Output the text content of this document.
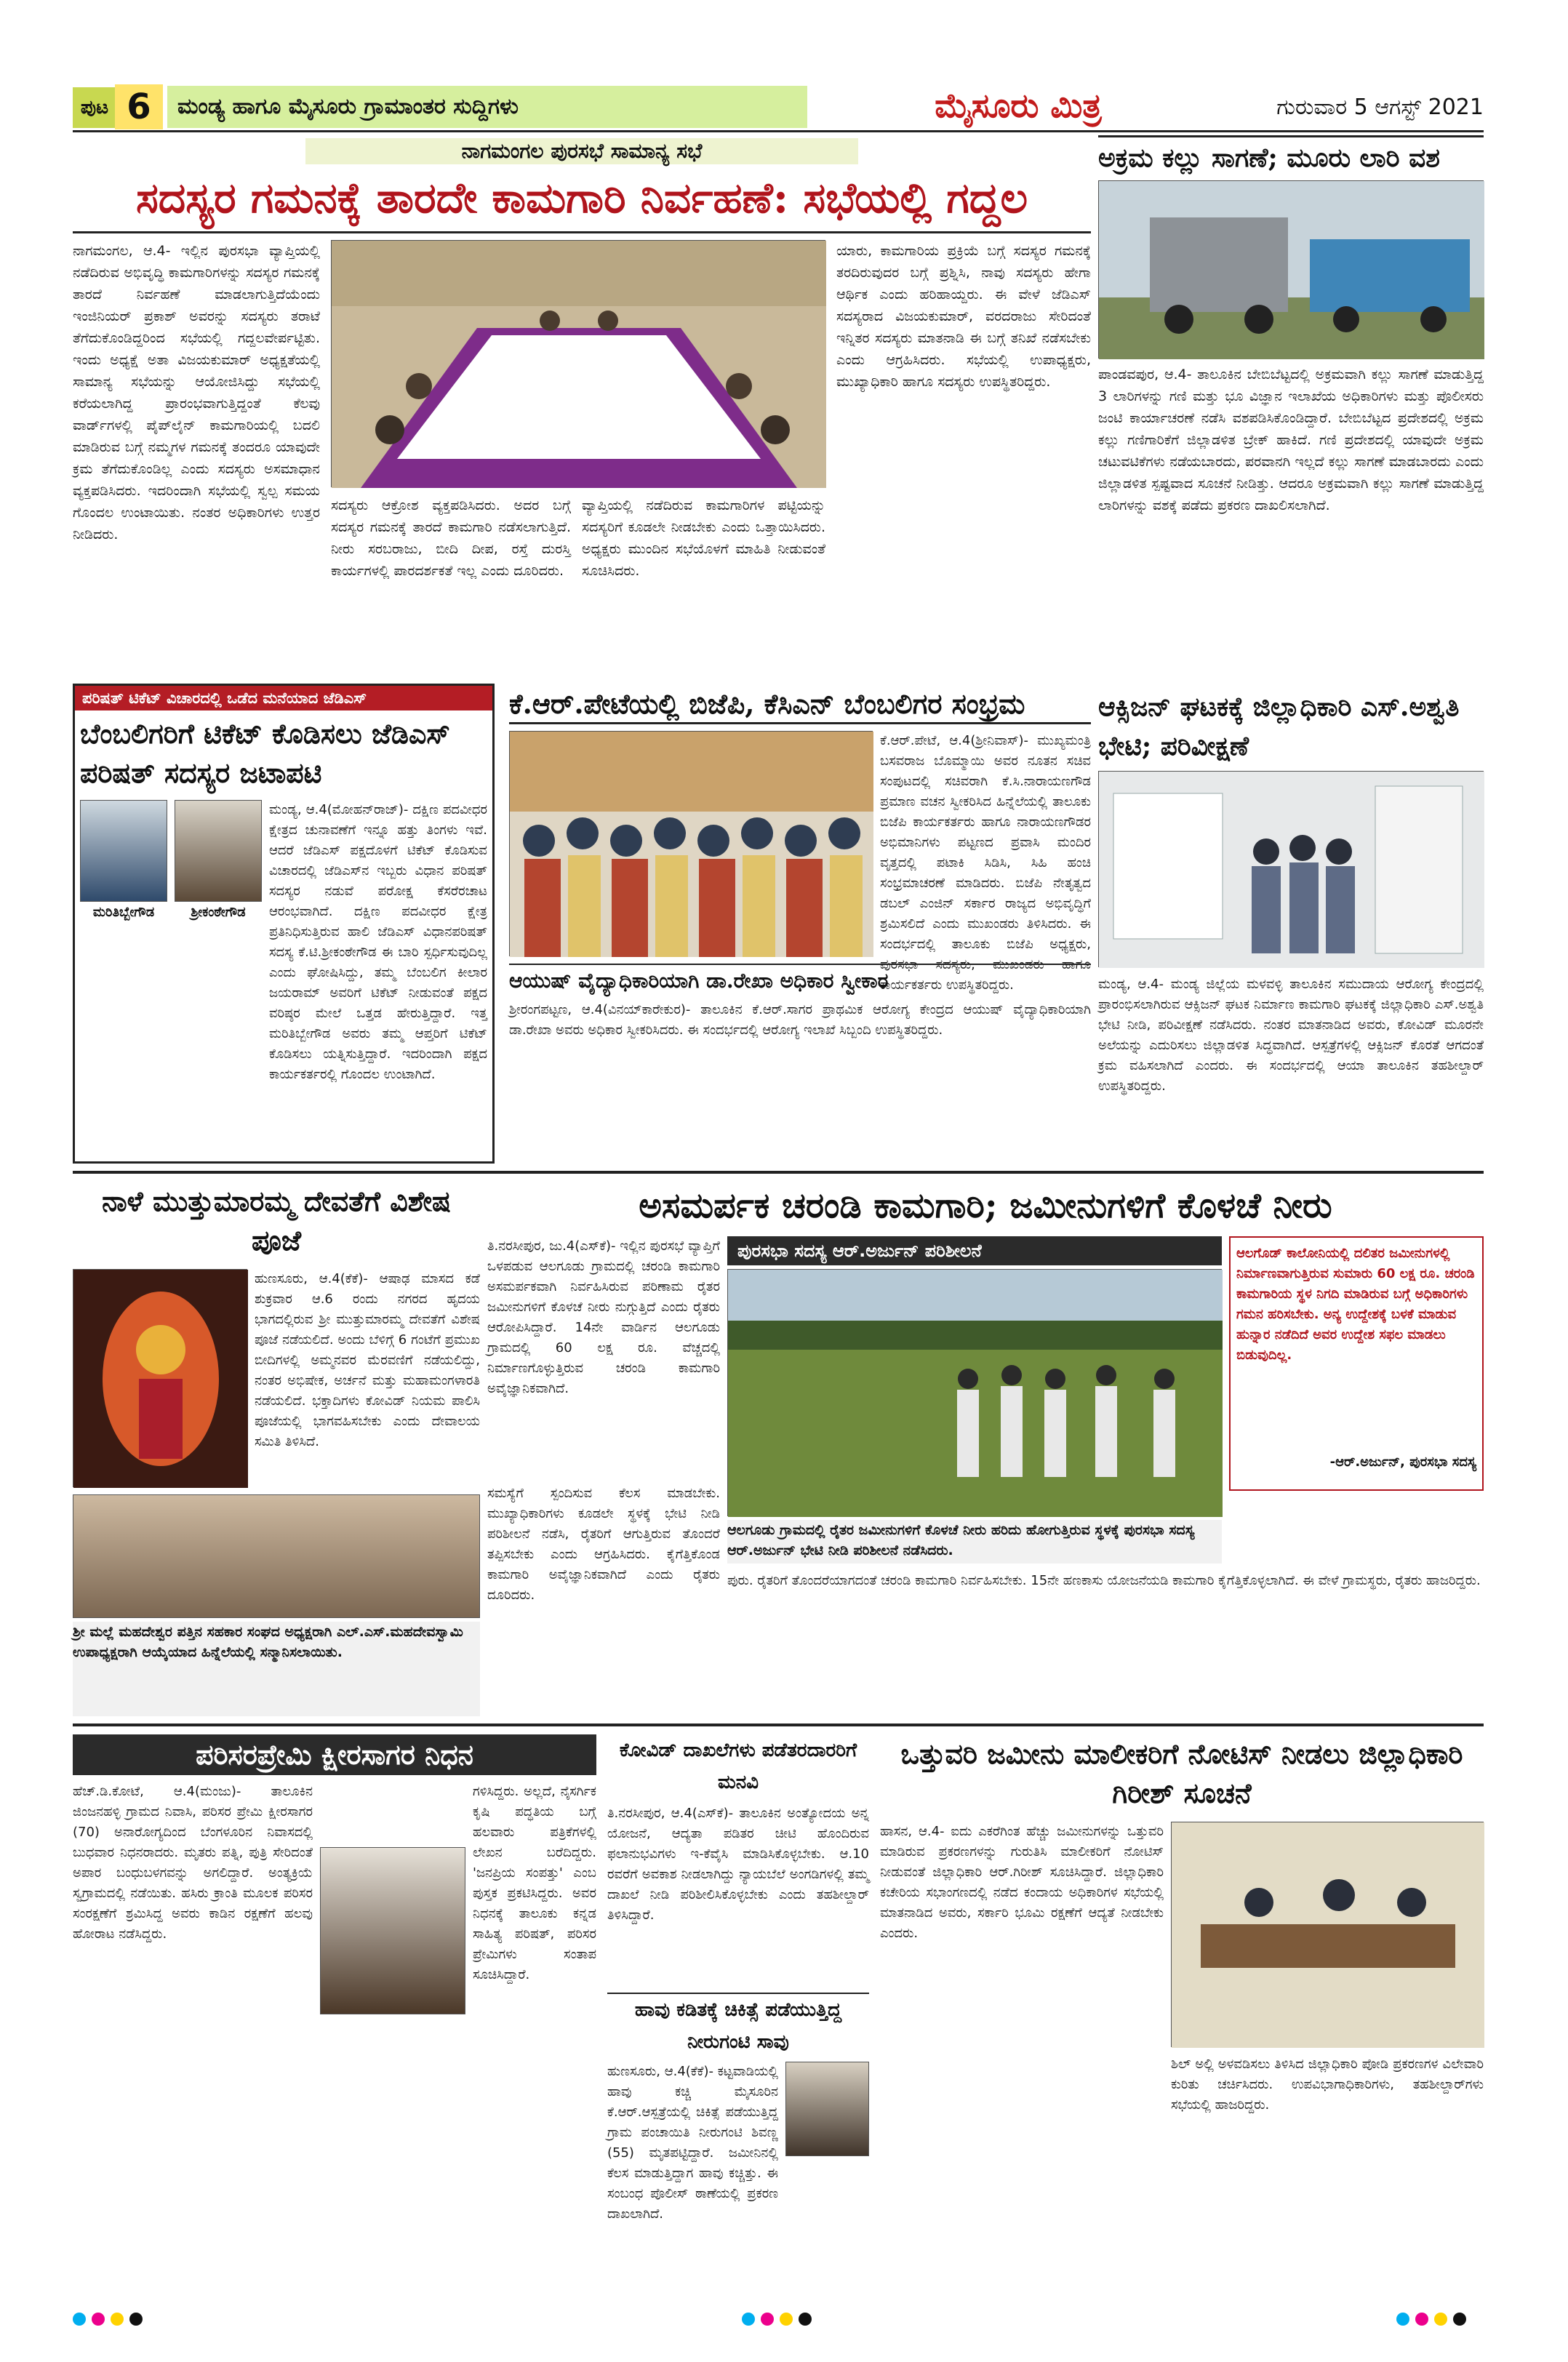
ಪುಟ 6	ಮಂಡ್ಯ ಹಾಗೂ ಮೈಸೂರು ಗ್ರಾಮಾಂತರ ಸುದ್ದಿಗಳು	ಮೈಸೂರು ಮಿತ್ರ	ಗುರುವಾರ 5 ಆಗಸ್ಟ್ 2021
ನಾಗಮಂಗಲ ಪುರಸಭೆ ಸಾಮಾನ್ಯ ಸಭೆ
ಸದಸ್ಯರ ಗಮನಕ್ಕೆ ತಾರದೇ ಕಾಮಗಾರಿ ನಿರ್ವಹಣೆ: ಸಭೆಯಲ್ಲಿ ಗದ್ದಲ
ನಾಗಮಂಗಲ, ಆ.4- ಇಲ್ಲಿನ ಪುರಸಭಾ ವ್ಯಾಪ್ತಿಯಲ್ಲಿ ನಡೆದಿರುವ ಅಭಿವೃದ್ಧಿ ಕಾಮಗಾರಿಗಳನ್ನು ಸದಸ್ಯರ ಗಮನಕ್ಕೆ ತಾರದೆ ನಿರ್ವಹಣೆ ಮಾಡಲಾಗುತ್ತಿದೆಯೆಂದು ಇಂಜಿನಿಯರ್ ಪ್ರಕಾಶ್ ಅವರನ್ನು ಸದಸ್ಯರು ತರಾಟೆ ತೆಗೆದುಕೊಂಡಿದ್ದರಿಂದ ಸಭೆಯಲ್ಲಿ ಗದ್ದಲವೇರ್ಪಟ್ಟಿತು. ಇಂದು ಅಧ್ಯಕ್ಷೆ ಅತಾ ವಿಜಯಕುಮಾರ್ ಅಧ್ಯಕ್ಷತೆಯಲ್ಲಿ ಸಾಮಾನ್ಯ ಸಭೆಯನ್ನು ಆಯೋಜಿಸಿದ್ದು ಸಭೆಯಲ್ಲಿ ಕರೆಯಲಾಗಿದ್ದ ಪ್ರಾರಂಭವಾಗುತ್ತಿದ್ದಂತೆ ಕೆಲವು ವಾರ್ಡ್‌ಗಳಲ್ಲಿ ಪೈಪ್‌ಲೈನ್ ಕಾಮಗಾರಿಯಲ್ಲಿ ಬದಲಿ ಮಾಡಿರುವ ಬಗ್ಗೆ ನಮ್ಮಗಳ ಗಮನಕ್ಕೆ ತಂದರೂ ಯಾವುದೇ ಕ್ರಮ ತೆಗೆದುಕೊಂಡಿಲ್ಲ ಎಂದು ಸದಸ್ಯರು ಅಸಮಾಧಾನ ವ್ಯಕ್ತಪಡಿಸಿದರು. ಇದರಿಂದಾಗಿ ಸಭೆಯಲ್ಲಿ ಸ್ವಲ್ಪ ಸಮಯ ಗೊಂದಲ ಉಂಟಾಯಿತು. ನಂತರ ಅಧಿಕಾರಿಗಳು ಉತ್ತರ ನೀಡಿದರು.
ಸದಸ್ಯರು ಆಕ್ರೋಶ ವ್ಯಕ್ತಪಡಿಸಿದರು. ಅದರ ಬಗ್ಗೆ ಸದಸ್ಯರ ಗಮನಕ್ಕೆ ತಾರದೆ ಕಾಮಗಾರಿ ನಡೆಸಲಾಗುತ್ತಿದೆ. ನೀರು ಸರಬರಾಜು, ಬೀದಿ ದೀಪ, ರಸ್ತೆ ದುರಸ್ತಿ ಕಾರ್ಯಗಳಲ್ಲಿ ಪಾರದರ್ಶಕತೆ ಇಲ್ಲ ಎಂದು ದೂರಿದರು.
ವ್ಯಾಪ್ತಿಯಲ್ಲಿ ನಡೆದಿರುವ ಕಾಮಗಾರಿಗಳ ಪಟ್ಟಿಯನ್ನು ಸದಸ್ಯರಿಗೆ ಕೂಡಲೇ ನೀಡಬೇಕು ಎಂದು ಒತ್ತಾಯಿಸಿದರು. ಅಧ್ಯಕ್ಷರು ಮುಂದಿನ ಸಭೆಯೊಳಗೆ ಮಾಹಿತಿ ನೀಡುವಂತೆ ಸೂಚಿಸಿದರು.
ಯಾರು, ಕಾಮಗಾರಿಯ ಪ್ರಕ್ರಿಯೆ ಬಗ್ಗೆ ಸದಸ್ಯರ ಗಮನಕ್ಕೆ ತರದಿರುವುದರ ಬಗ್ಗೆ ಪ್ರಶ್ನಿಸಿ, ನಾವು ಸದಸ್ಯರು ಹೇಗಾ ಆರ್ಥಿಕ ಎಂದು ಹರಿಹಾಯ್ದರು. ಈ ವೇಳೆ ಜೆಡಿಎಸ್ ಸದಸ್ಯರಾದ ವಿಜಯಕುಮಾರ್, ವರದರಾಜು ಸೇರಿದಂತೆ ಇನ್ನಿತರ ಸದಸ್ಯರು ಮಾತನಾಡಿ ಈ ಬಗ್ಗೆ ತನಿಖೆ ನಡೆಸಬೇಕು ಎಂದು ಆಗ್ರಹಿಸಿದರು. ಸಭೆಯಲ್ಲಿ ಉಪಾಧ್ಯಕ್ಷರು, ಮುಖ್ಯಾಧಿಕಾರಿ ಹಾಗೂ ಸದಸ್ಯರು ಉಪಸ್ಥಿತರಿದ್ದರು.
ಅಕ್ರಮ ಕಲ್ಲು ಸಾಗಣೆ; ಮೂರು ಲಾರಿ ವಶ
ಪಾಂಡವಪುರ, ಆ.4- ತಾಲೂಕಿನ ಬೇಬಿಬೆಟ್ಟದಲ್ಲಿ ಅಕ್ರಮವಾಗಿ ಕಲ್ಲು ಸಾಗಣೆ ಮಾಡುತ್ತಿದ್ದ 3 ಲಾರಿಗಳನ್ನು ಗಣಿ ಮತ್ತು ಭೂ ವಿಜ್ಞಾನ ಇಲಾಖೆಯ ಅಧಿಕಾರಿಗಳು ಮತ್ತು ಪೊಲೀಸರು ಜಂಟಿ ಕಾರ್ಯಾಚರಣೆ ನಡೆಸಿ ವಶಪಡಿಸಿಕೊಂಡಿದ್ದಾರೆ. ಬೇಬಿಬೆಟ್ಟದ ಪ್ರದೇಶದಲ್ಲಿ ಅಕ್ರಮ ಕಲ್ಲು ಗಣಿಗಾರಿಕೆಗೆ ಜಿಲ್ಲಾಡಳಿತ ಬ್ರೇಕ್ ಹಾಕಿದೆ. ಗಣಿ ಪ್ರದೇಶದಲ್ಲಿ ಯಾವುದೇ ಅಕ್ರಮ ಚಟುವಟಿಕೆಗಳು ನಡೆಯಬಾರದು, ಪರವಾನಗಿ ಇಲ್ಲದೆ ಕಲ್ಲು ಸಾಗಣೆ ಮಾಡಬಾರದು ಎಂದು ಜಿಲ್ಲಾಡಳಿತ ಸ್ಪಷ್ಟವಾದ ಸೂಚನೆ ನೀಡಿತ್ತು. ಆದರೂ ಅಕ್ರಮವಾಗಿ ಕಲ್ಲು ಸಾಗಣೆ ಮಾಡುತ್ತಿದ್ದ ಲಾರಿಗಳನ್ನು ವಶಕ್ಕೆ ಪಡೆದು ಪ್ರಕರಣ ದಾಖಲಿಸಲಾಗಿದೆ.
ಪರಿಷತ್ ಟಿಕೆಟ್ ವಿಚಾರದಲ್ಲಿ ಒಡೆದ ಮನೆಯಾದ ಜೆಡಿಎಸ್
ಬೆಂಬಲಿಗರಿಗೆ ಟಿಕೆಟ್ ಕೊಡಿಸಲು ಜೆಡಿಎಸ್ ಪರಿಷತ್ ಸದಸ್ಯರ ಜಟಾಪಟಿ
ಮರಿತಿಬ್ಬೇಗೌಡ	ಶ್ರೀಕಂಠೇಗೌಡ
ಮಂಡ್ಯ, ಆ.4(ಮೋಹನ್‌ರಾಜ್)- ದಕ್ಷಿಣ ಪದವೀಧರ ಕ್ಷೇತ್ರದ ಚುನಾವಣೆಗೆ ಇನ್ನೂ ಹತ್ತು ತಿಂಗಳು ಇವೆ. ಆದರೆ ಜೆಡಿಎಸ್ ಪಕ್ಷದೊಳಗೆ ಟಿಕೆಟ್ ಕೊಡಿಸುವ ವಿಚಾರದಲ್ಲಿ ಜೆಡಿಎಸ್‌ನ ಇಬ್ಬರು ವಿಧಾನ ಪರಿಷತ್ ಸದಸ್ಯರ ನಡುವೆ ಪರೋಕ್ಷ ಕೆಸರೆರಚಾಟ ಆರಂಭವಾಗಿದೆ. ದಕ್ಷಿಣ ಪದವೀಧರ ಕ್ಷೇತ್ರ ಪ್ರತಿನಿಧಿಸುತ್ತಿರುವ ಹಾಲಿ ಜೆಡಿಎಸ್ ವಿಧಾನಪರಿಷತ್ ಸದಸ್ಯ ಕೆ.ಟಿ.ಶ್ರೀಕಂಠೇಗೌಡ ಈ ಬಾರಿ ಸ್ಪರ್ಧಿಸುವುದಿಲ್ಲ ಎಂದು ಘೋಷಿಸಿದ್ದು, ತಮ್ಮ ಬೆಂಬಲಿಗ ಕೀಲಾರ ಜಯರಾಮ್ ಅವರಿಗೆ ಟಿಕೆಟ್ ನೀಡುವಂತೆ ಪಕ್ಷದ ವರಿಷ್ಠರ ಮೇಲೆ ಒತ್ತಡ ಹೇರುತ್ತಿದ್ದಾರೆ. ಇತ್ತ ಮರಿತಿಬ್ಬೇಗೌಡ ಅವರು ತಮ್ಮ ಆಪ್ತರಿಗೆ ಟಿಕೆಟ್ ಕೊಡಿಸಲು ಯತ್ನಿಸುತ್ತಿದ್ದಾರೆ. ಇದರಿಂದಾಗಿ ಪಕ್ಷದ ಕಾರ್ಯಕರ್ತರಲ್ಲಿ ಗೊಂದಲ ಉಂಟಾಗಿದೆ.
ಕೆ.ಆರ್.ಪೇಟೆಯಲ್ಲಿ ಬಿಜೆಪಿ, ಕೆಸಿಎನ್ ಬೆಂಬಲಿಗರ ಸಂಭ್ರಮ
ಕೆ.ಆರ್.ಪೇಟೆ, ಆ.4(ಶ್ರೀನಿವಾಸ್)- ಮುಖ್ಯಮಂತ್ರಿ ಬಸವರಾಜ ಬೊಮ್ಮಾಯಿ ಅವರ ನೂತನ ಸಚಿವ ಸಂಪುಟದಲ್ಲಿ ಸಚಿವರಾಗಿ ಕೆ.ಸಿ.ನಾರಾಯಣಗೌಡ ಪ್ರಮಾಣ ವಚನ ಸ್ವೀಕರಿಸಿದ ಹಿನ್ನೆಲೆಯಲ್ಲಿ ತಾಲೂಕು ಬಿಜೆಪಿ ಕಾರ್ಯಕರ್ತರು ಹಾಗೂ ನಾರಾಯಣಗೌಡರ ಅಭಿಮಾನಿಗಳು ಪಟ್ಟಣದ ಪ್ರವಾಸಿ ಮಂದಿರ ವೃತ್ತದಲ್ಲಿ ಪಟಾಕಿ ಸಿಡಿಸಿ, ಸಿಹಿ ಹಂಚಿ ಸಂಭ್ರಮಾಚರಣೆ ಮಾಡಿದರು. ಬಿಜೆಪಿ ನೇತೃತ್ವದ ಡಬಲ್ ಎಂಜಿನ್ ಸರ್ಕಾರ ರಾಜ್ಯದ ಅಭಿವೃದ್ಧಿಗೆ ಶ್ರಮಿಸಲಿದೆ ಎಂದು ಮುಖಂಡರು ತಿಳಿಸಿದರು. ಈ ಸಂದರ್ಭದಲ್ಲಿ ತಾಲೂಕು ಬಿಜೆಪಿ ಅಧ್ಯಕ್ಷರು, ಪುರಸಭಾ ಸದಸ್ಯರು, ಮುಖಂಡರು ಹಾಗೂ ಕಾರ್ಯಕರ್ತರು ಉಪಸ್ಥಿತರಿದ್ದರು.
ಆಯುಷ್ ವೈದ್ಯಾಧಿಕಾರಿಯಾಗಿ ಡಾ.ರೇಖಾ ಅಧಿಕಾರ ಸ್ವೀಕಾರ
ಶ್ರೀರಂಗಪಟ್ಟಣ, ಆ.4(ವಿನಯ್‌ಕಾರೇಕುರ)- ತಾಲೂಕಿನ ಕೆ.ಆರ್.ಸಾಗರ ಪ್ರಾಥಮಿಕ ಆರೋಗ್ಯ ಕೇಂದ್ರದ ಆಯುಷ್ ವೈದ್ಯಾಧಿಕಾರಿಯಾಗಿ ಡಾ.ರೇಖಾ ಅವರು ಅಧಿಕಾರ ಸ್ವೀಕರಿಸಿದರು. ಈ ಸಂದರ್ಭದಲ್ಲಿ ಆರೋಗ್ಯ ಇಲಾಖೆ ಸಿಬ್ಬಂದಿ ಉಪಸ್ಥಿತರಿದ್ದರು.
ಆಕ್ಸಿಜನ್ ಘಟಕಕ್ಕೆ ಜಿಲ್ಲಾಧಿಕಾರಿ ಎಸ್.ಅಶ್ವತಿ ಭೇಟಿ; ಪರಿವೀಕ್ಷಣೆ
ಮಂಡ್ಯ, ಆ.4- ಮಂಡ್ಯ ಜಿಲ್ಲೆಯ ಮಳವಳ್ಳಿ ತಾಲೂಕಿನ ಸಮುದಾಯ ಆರೋಗ್ಯ ಕೇಂದ್ರದಲ್ಲಿ ಪ್ರಾರಂಭಿಸಲಾಗಿರುವ ಆಕ್ಸಿಜನ್ ಘಟಕ ನಿರ್ಮಾಣ ಕಾಮಗಾರಿ ಘಟಕಕ್ಕೆ ಜಿಲ್ಲಾಧಿಕಾರಿ ಎಸ್.ಅಶ್ವತಿ ಭೇಟಿ ನೀಡಿ, ಪರಿವೀಕ್ಷಣೆ ನಡೆಸಿದರು. ನಂತರ ಮಾತನಾಡಿದ ಅವರು, ಕೋವಿಡ್ ಮೂರನೇ ಅಲೆಯನ್ನು ಎದುರಿಸಲು ಜಿಲ್ಲಾಡಳಿತ ಸಿದ್ಧವಾಗಿದೆ. ಆಸ್ಪತ್ರೆಗಳಲ್ಲಿ ಆಕ್ಸಿಜನ್ ಕೊರತೆ ಆಗದಂತೆ ಕ್ರಮ ವಹಿಸಲಾಗಿದೆ ಎಂದರು. ಈ ಸಂದರ್ಭದಲ್ಲಿ ಆಯಾ ತಾಲೂಕಿನ ತಹಶೀಲ್ದಾರ್ ಉಪಸ್ಥಿತರಿದ್ದರು.
ನಾಳೆ ಮುತ್ತುಮಾರಮ್ಮ ದೇವತೆಗೆ ವಿಶೇಷ ಪೂಜೆ
ಹುಣಸೂರು, ಆ.4(ಕೆಕೆ)- ಆಷಾಢ ಮಾಸದ ಕಡೆ ಶುಕ್ರವಾರ ಆ.6 ರಂದು ನಗರದ ಹೃದಯ ಭಾಗದಲ್ಲಿರುವ ಶ್ರೀ ಮುತ್ತುಮಾರಮ್ಮ ದೇವತೆಗೆ ವಿಶೇಷ ಪೂಜೆ ನಡೆಯಲಿದೆ. ಅಂದು ಬೆಳಿಗ್ಗೆ 6 ಗಂಟೆಗೆ ಪ್ರಮುಖ ಬೀದಿಗಳಲ್ಲಿ ಅಮ್ಮನವರ ಮೆರವಣಿಗೆ ನಡೆಯಲಿದ್ದು, ನಂತರ ಅಭಿಷೇಕ, ಅರ್ಚನೆ ಮತ್ತು ಮಹಾಮಂಗಳಾರತಿ ನಡೆಯಲಿದೆ. ಭಕ್ತಾದಿಗಳು ಕೋವಿಡ್ ನಿಯಮ ಪಾಲಿಸಿ ಪೂಜೆಯಲ್ಲಿ ಭಾಗವಹಿಸಬೇಕು ಎಂದು ದೇವಾಲಯ ಸಮಿತಿ ತಿಳಿಸಿದೆ.
ಶ್ರೀ ಮಲ್ಲೆ ಮಹದೇಶ್ವರ ಪತ್ತಿನ ಸಹಕಾರ ಸಂಘದ ಅಧ್ಯಕ್ಷರಾಗಿ ಎಲ್.ಎಸ್.ಮಹದೇವಸ್ವಾಮಿ ಉಪಾಧ್ಯಕ್ಷರಾಗಿ ಆಯ್ಕೆಯಾದ ಹಿನ್ನೆಲೆಯಲ್ಲಿ ಸನ್ಮಾನಿಸಲಾಯಿತು.
ಅಸಮರ್ಪಕ ಚರಂಡಿ ಕಾಮಗಾರಿ; ಜಮೀನುಗಳಿಗೆ ಕೊಳಚೆ ನೀರು
ತಿ.ನರಸೀಪುರ, ಜು.4(ಎಸ್‌ಕೆ)- ಇಲ್ಲಿನ ಪುರಸಭೆ ವ್ಯಾಪ್ತಿಗೆ ಒಳಪಡುವ ಆಲಗೂಡು ಗ್ರಾಮದಲ್ಲಿ ಚರಂಡಿ ಕಾಮಗಾರಿ ಅಸಮರ್ಪಕವಾಗಿ ನಿರ್ವಹಿಸಿರುವ ಪರಿಣಾಮ ರೈತರ ಜಮೀನುಗಳಿಗೆ ಕೊಳಚೆ ನೀರು ನುಗ್ಗುತ್ತಿದೆ ಎಂದು ರೈತರು ಆರೋಪಿಸಿದ್ದಾರೆ. 14ನೇ ವಾರ್ಡಿನ ಆಲಗೂಡು ಗ್ರಾಮದಲ್ಲಿ 60 ಲಕ್ಷ ರೂ. ವೆಚ್ಚದಲ್ಲಿ ನಿರ್ಮಾಣಗೊಳ್ಳುತ್ತಿರುವ ಚರಂಡಿ ಕಾಮಗಾರಿ ಅವೈಜ್ಞಾನಿಕವಾಗಿದೆ.
ಪುರಸಭಾ ಸದಸ್ಯ ಆರ್.ಅರ್ಜುನ್ ಪರಿಶೀಲನೆ
ಆಲಗೂಡು ಗ್ರಾಮದಲ್ಲಿ ರೈತರ ಜಮೀನುಗಳಿಗೆ ಕೊಳಚೆ ನೀರು ಹರಿದು ಹೋಗುತ್ತಿರುವ ಸ್ಥಳಕ್ಕೆ ಪುರಸಭಾ ಸದಸ್ಯ ಆರ್.ಅರ್ಜುನ್ ಭೇಟಿ ನೀಡಿ ಪರಿಶೀಲನೆ ನಡೆಸಿದರು.
ಸಮಸ್ಯೆಗೆ ಸ್ಪಂದಿಸುವ ಕೆಲಸ ಮಾಡಬೇಕು. ಮುಖ್ಯಾಧಿಕಾರಿಗಳು ಕೂಡಲೇ ಸ್ಥಳಕ್ಕೆ ಭೇಟಿ ನೀಡಿ ಪರಿಶೀಲನೆ ನಡೆಸಿ, ರೈತರಿಗೆ ಆಗುತ್ತಿರುವ ತೊಂದರೆ ತಪ್ಪಿಸಬೇಕು ಎಂದು ಆಗ್ರಹಿಸಿದರು. ಕೈಗೆತ್ತಿಕೊಂಡ ಕಾಮಗಾರಿ ಅವೈಜ್ಞಾನಿಕವಾಗಿದೆ ಎಂದು ರೈತರು ದೂರಿದರು.
ಆಲಗೊಡ್ ಕಾಲೋನಿಯಲ್ಲಿ ದಲಿತರ ಜಮೀನುಗಳಲ್ಲಿ ನಿರ್ಮಾಣವಾಗುತ್ತಿರುವ ಸುಮಾರು 60 ಲಕ್ಷ ರೂ. ಚರಂಡಿ ಕಾಮಗಾರಿಯ ಸ್ಥಳ ನಿಗದಿ ಮಾಡಿರುವ ಬಗ್ಗೆ ಅಧಿಕಾರಿಗಳು ಗಮನ ಹರಿಸಬೇಕು. ಅನ್ಯ ಉದ್ದೇಶಕ್ಕೆ ಬಳಕೆ ಮಾಡುವ ಹುನ್ನಾರ ನಡೆದಿದೆ ಅವರ ಉದ್ದೇಶ ಸಫಲ ಮಾಡಲು ಬಿಡುವುದಿಲ್ಲ.
-ಆರ್.ಅರ್ಜುನ್, ಪುರಸಭಾ ಸದಸ್ಯ
ಪುರು. ರೈತರಿಗೆ ತೊಂದರೆಯಾಗದಂತೆ ಚರಂಡಿ ಕಾಮಗಾರಿ ನಿರ್ವಹಿಸಬೇಕು. 15ನೇ ಹಣಕಾಸು ಯೋಜನೆಯಡಿ ಕಾಮಗಾರಿ ಕೈಗೆತ್ತಿಕೊಳ್ಳಲಾಗಿದೆ. ಈ ವೇಳೆ ಗ್ರಾಮಸ್ಥರು, ರೈತರು ಹಾಜರಿದ್ದರು.
ಪರಿಸರಪ್ರೇಮಿ ಕ್ಷೀರಸಾಗರ ನಿಧನ
ಹೆಚ್.ಡಿ.ಕೋಟೆ, ಆ.4(ಮಂಜು)- ತಾಲೂಕಿನ ಜಿಂಜನಹಳ್ಳಿ ಗ್ರಾಮದ ನಿವಾಸಿ, ಪರಿಸರ ಪ್ರೇಮಿ ಕ್ಷೀರಸಾಗರ (70) ಅನಾರೋಗ್ಯದಿಂದ ಬೆಂಗಳೂರಿನ ನಿವಾಸದಲ್ಲಿ ಬುಧವಾರ ನಿಧನರಾದರು. ಮೃತರು ಪತ್ನಿ, ಪುತ್ರಿ ಸೇರಿದಂತೆ ಅಪಾರ ಬಂಧುಬಳಗವನ್ನು ಅಗಲಿದ್ದಾರೆ. ಅಂತ್ಯಕ್ರಿಯೆ ಸ್ವಗ್ರಾಮದಲ್ಲಿ ನಡೆಯಿತು. ಹಸಿರು ಕ್ರಾಂತಿ ಮೂಲಕ ಪರಿಸರ ಸಂರಕ್ಷಣೆಗೆ ಶ್ರಮಿಸಿದ್ದ ಅವರು ಕಾಡಿನ ರಕ್ಷಣೆಗೆ ಹಲವು ಹೋರಾಟ ನಡೆಸಿದ್ದರು.
ಗಳಿಸಿದ್ದರು. ಅಲ್ಲದೆ, ನೈಸರ್ಗಿಕ ಕೃಷಿ ಪದ್ಧತಿಯ ಬಗ್ಗೆ ಹಲವಾರು ಪತ್ರಿಕೆಗಳಲ್ಲಿ ಲೇಖನ ಬರೆದಿದ್ದರು. 'ಜನಪ್ರಿಯ ಸಂಪತ್ತು' ಎಂಬ ಪುಸ್ತಕ ಪ್ರಕಟಿಸಿದ್ದರು. ಅವರ ನಿಧನಕ್ಕೆ ತಾಲೂಕು ಕನ್ನಡ ಸಾಹಿತ್ಯ ಪರಿಷತ್, ಪರಿಸರ ಪ್ರೇಮಿಗಳು ಸಂತಾಪ ಸೂಚಿಸಿದ್ದಾರೆ.
ಕೋವಿಡ್ ದಾಖಲೆಗಳು ಪಡೆತರದಾರರಿಗೆ ಮನವಿ
ತಿ.ನರಸೀಪುರ, ಆ.4(ಎಸ್‌ಕೆ)- ತಾಲೂಕಿನ ಅಂತ್ಯೋದಯ ಅನ್ನ ಯೋಜನೆ, ಆದ್ಯತಾ ಪಡಿತರ ಚೀಟಿ ಹೊಂದಿರುವ ಫಲಾನುಭವಿಗಳು ಇ-ಕೆವೈಸಿ ಮಾಡಿಸಿಕೊಳ್ಳಬೇಕು. ಆ.10 ರವರೆಗೆ ಅವಕಾಶ ನೀಡಲಾಗಿದ್ದು ನ್ಯಾಯಬೆಲೆ ಅಂಗಡಿಗಳಲ್ಲಿ ತಮ್ಮ ದಾಖಲೆ ನೀಡಿ ಪರಿಶೀಲಿಸಿಕೊಳ್ಳಬೇಕು ಎಂದು ತಹಶೀಲ್ದಾರ್ ತಿಳಿಸಿದ್ದಾರೆ.
ಹಾವು ಕಡಿತಕ್ಕೆ ಚಿಕಿತ್ಸೆ ಪಡೆಯುತ್ತಿದ್ದ ನೀರುಗಂಟಿ ಸಾವು
ಹುಣಸೂರು, ಆ.4(ಕೆಕೆ)- ಕಟ್ಟವಾಡಿಯಲ್ಲಿ ಹಾವು ಕಚ್ಚಿ ಮೈಸೂರಿನ ಕೆ.ಆರ್.ಆಸ್ಪತ್ರೆಯಲ್ಲಿ ಚಿಕಿತ್ಸೆ ಪಡೆಯುತ್ತಿದ್ದ ಗ್ರಾಮ ಪಂಚಾಯಿತಿ ನೀರುಗಂಟಿ ಶಿವಣ್ಣ (55) ಮೃತಪಟ್ಟಿದ್ದಾರೆ. ಜಮೀನಿನಲ್ಲಿ ಕೆಲಸ ಮಾಡುತ್ತಿದ್ದಾಗ ಹಾವು ಕಚ್ಚಿತ್ತು. ಈ ಸಂಬಂಧ ಪೊಲೀಸ್ ಠಾಣೆಯಲ್ಲಿ ಪ್ರಕರಣ ದಾಖಲಾಗಿದೆ.
ಒತ್ತುವರಿ ಜಮೀನು ಮಾಲೀಕರಿಗೆ ನೋಟಿಸ್ ನೀಡಲು ಜಿಲ್ಲಾಧಿಕಾರಿ ಗಿರೀಶ್ ಸೂಚನೆ
ಹಾಸನ, ಆ.4- ಐದು ಎಕರೆಗಿಂತ ಹೆಚ್ಚು ಜಮೀನುಗಳನ್ನು ಒತ್ತುವರಿ ಮಾಡಿರುವ ಪ್ರಕರಣಗಳನ್ನು ಗುರುತಿಸಿ ಮಾಲೀಕರಿಗೆ ನೋಟಿಸ್ ನೀಡುವಂತೆ ಜಿಲ್ಲಾಧಿಕಾರಿ ಆರ್.ಗಿರೀಶ್ ಸೂಚಿಸಿದ್ದಾರೆ. ಜಿಲ್ಲಾಧಿಕಾರಿ ಕಚೇರಿಯ ಸಭಾಂಗಣದಲ್ಲಿ ನಡೆದ ಕಂದಾಯ ಅಧಿಕಾರಿಗಳ ಸಭೆಯಲ್ಲಿ ಮಾತನಾಡಿದ ಅವರು, ಸರ್ಕಾರಿ ಭೂಮಿ ರಕ್ಷಣೆಗೆ ಆದ್ಯತೆ ನೀಡಬೇಕು ಎಂದರು.
ಶಿಲ್ ಅಲ್ಲಿ ಅಳವಡಿಸಲು ತಿಳಿಸಿದ ಜಿಲ್ಲಾಧಿಕಾರಿ ಪೋಡಿ ಪ್ರಕರಣಗಳ ವಿಲೇವಾರಿ ಕುರಿತು ಚರ್ಚಿಸಿದರು. ಉಪವಿಭಾಗಾಧಿಕಾರಿಗಳು, ತಹಶೀಲ್ದಾರ್‌ಗಳು ಸಭೆಯಲ್ಲಿ ಹಾಜರಿದ್ದರು.
